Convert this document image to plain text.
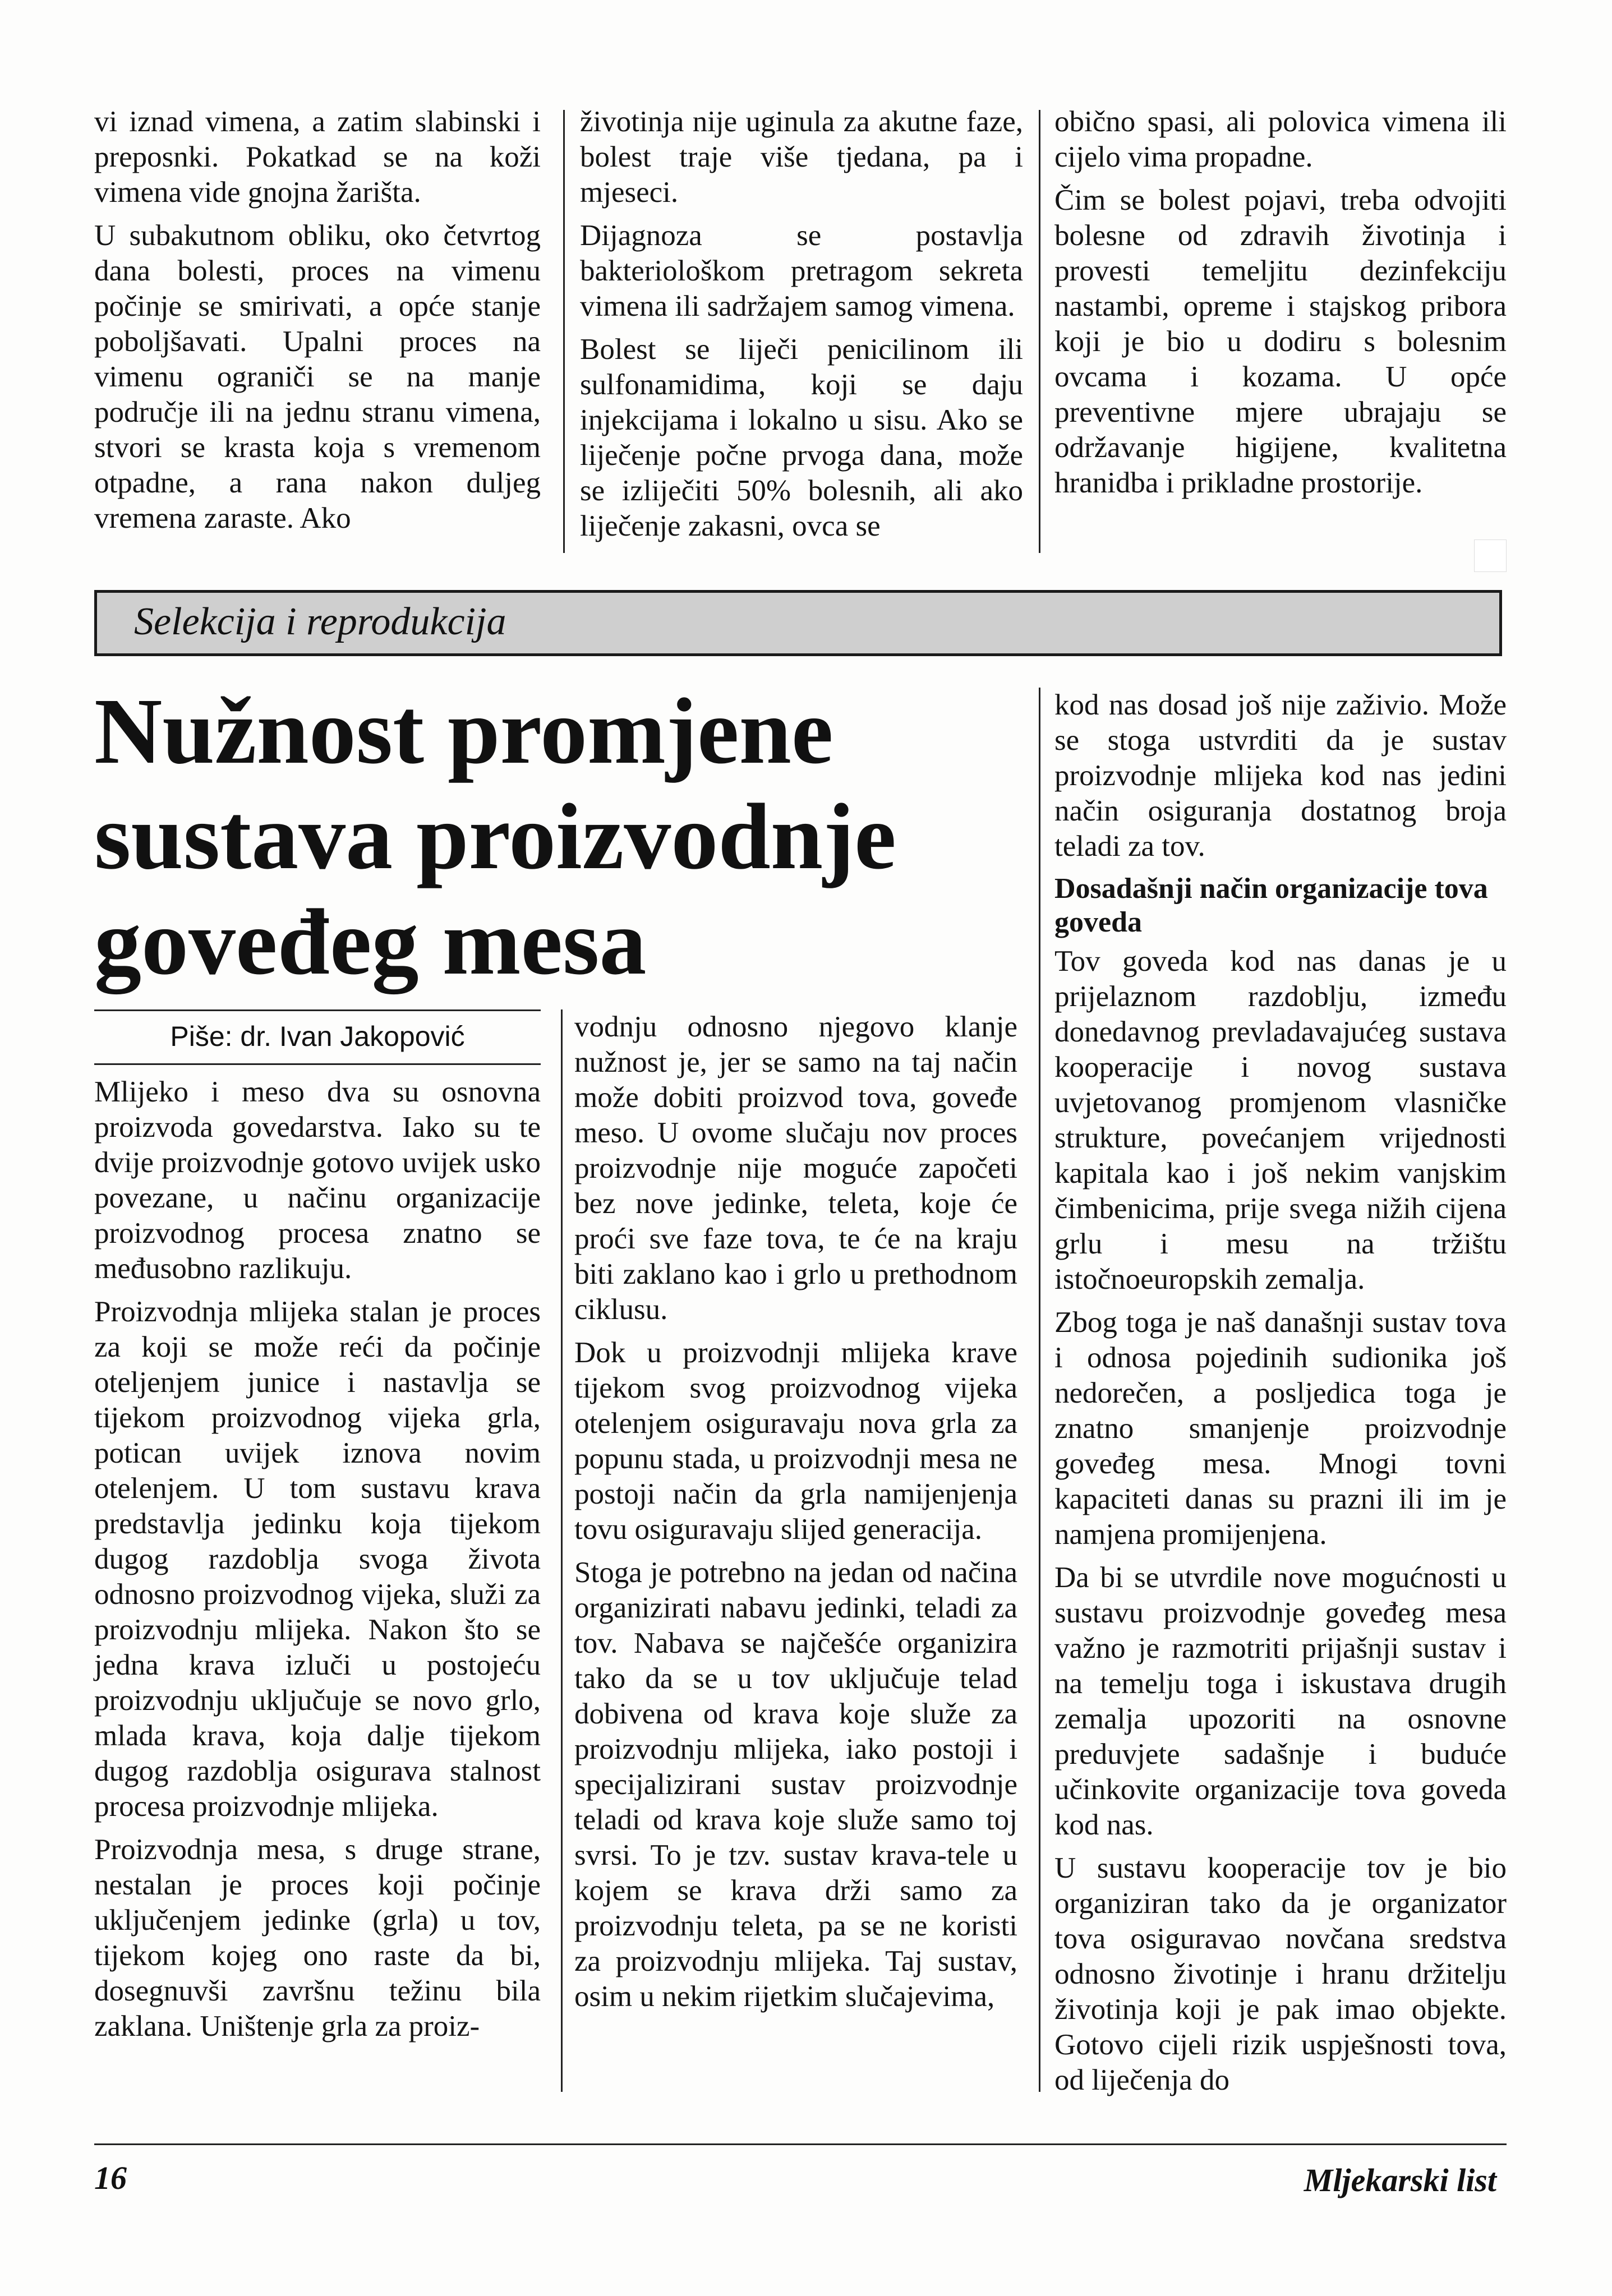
vi iznad vimena, a zatim slabinski i preposnki. Pokatkad se na koži vimena vide gnojna žarišta.

U subakutnom obliku, oko četvrtog dana bolesti, proces na vimenu počinje se smirivati, a opće stanje poboljšavati. Upalni proces na vimenu ograniči se na manje područje ili na jednu stranu vimena, stvori se krasta koja s vremenom otpadne, a rana nakon duljeg vremena zaraste. Ako

životinja nije uginula za akutne faze, bolest traje više tjedana, pa i mjeseci.

Dijagnoza se postavlja bakteriološkom pretragom sekreta vimena ili sadržajem samog vimena.

Bolest se liječi penicilinom ili sulfonamidima, koji se daju injekcijama i lokalno u sisu. Ako se liječenje počne prvoga dana, može se izliječiti 50% bolesnih, ali ako liječenje zakasni, ovca se

obično spasi, ali polovica vimena ili cijelo vima propadne.

Čim se bolest pojavi, treba odvojiti bolesne od zdravih životinja i provesti temeljitu dezinfekciju nastambi, opreme i stajskog pribora koji je bio u dodiru s bolesnim ovcama i kozama. U opće preventivne mjere ubrajaju se održavanje higijene, kvalitetna hranidba i prikladne prostorije.

Selekcija i reprodukcija
Nužnost promjene
sustava proizvodnje
goveđeg mesa
Piše: dr. Ivan Jakopović

Mlijeko i meso dva su osnovna proizvoda govedarstva. Iako su te dvije proizvodnje gotovo uvijek usko povezane, u načinu organizacije proizvodnog procesa znatno se međusobno razlikuju.

Proizvodnja mlijeka stalan je proces za koji se može reći da počinje oteljenjem junice i nastavlja se tijekom proizvodnog vijeka grla, potican uvijek iznova novim otelenjem. U tom sustavu krava predstavlja jedinku koja tijekom dugog razdoblja svoga života odnosno proizvodnog vijeka, služi za proizvodnju mlijeka. Nakon što se jedna krava izluči u postojeću proizvodnju uključuje se novo grlo, mlada krava, koja dalje tijekom dugog razdoblja osigurava stalnost procesa proizvodnje mlijeka.

Proizvodnja mesa, s druge strane, nestalan je proces koji počinje uključenjem jedinke (grla) u tov, tijekom kojeg ono raste da bi, dosegnuvši završnu težinu bila zaklana. Uništenje grla za proiz-

vodnju odnosno njegovo klanje nužnost je, jer se samo na taj način može dobiti proizvod tova, goveđe meso. U ovome slučaju nov proces proizvodnje nije moguće započeti bez nove jedinke, teleta, koje će proći sve faze tova, te će na kraju biti zaklano kao i grlo u prethodnom ciklusu.

Dok u proizvodnji mlijeka krave tijekom svog proizvodnog vijeka otelenjem osiguravaju nova grla za popunu stada, u proizvodnji mesa ne postoji način da grla namijenjenja tovu osiguravaju slijed generacija.

Stoga je potrebno na jedan od načina organizirati nabavu jedinki, teladi za tov. Nabava se najčešće organizira tako da se u tov uključuje telad dobivena od krava koje služe za proizvodnju mlijeka, iako postoji i specijalizirani sustav proizvodnje teladi od krava koje služe samo toj svrsi. To je tzv. sustav krava-tele u kojem se krava drži samo za proizvodnju teleta, pa se ne koristi za proizvodnju mlijeka. Taj sustav, osim u nekim rijetkim slučajevima,

kod nas dosad još nije zaživio. Može se stoga ustvrditi da je sustav proizvodnje mlijeka kod nas jedini način osiguranja dostatnog broja teladi za tov.

Dosadašnji način organizacije tova goveda

Tov goveda kod nas danas je u prijelaznom razdoblju, između donedavnog prevladavajućeg sustava kooperacije i novog sustava uvjetovanog promjenom vlasničke strukture, povećanjem vrijednosti kapitala kao i još nekim vanjskim čimbenicima, prije svega nižih cijena grlu i mesu na tržištu istočnoeuropskih zemalja.

Zbog toga je naš današnji sustav tova i odnosa pojedinih sudionika još nedorečen, a posljedica toga je znatno smanjenje proizvodnje goveđeg mesa. Mnogi tovni kapaciteti danas su prazni ili im je namjena promijenjena.

Da bi se utvrdile nove mogućnosti u sustavu proizvodnje goveđeg mesa važno je razmotriti prijašnji sustav i na temelju toga i iskustava drugih zemalja upozoriti na osnovne preduvjete sadašnje i buduće učinkovite organizacije tova goveda kod nas.

U sustavu kooperacije tov je bio organiziran tako da je organizator tova osiguravao novčana sredstva odnosno životinje i hranu držitelju životinja koji je pak imao objekte. Gotovo cijeli rizik uspješnosti tova, od liječenja do

16	Mljekarski list
